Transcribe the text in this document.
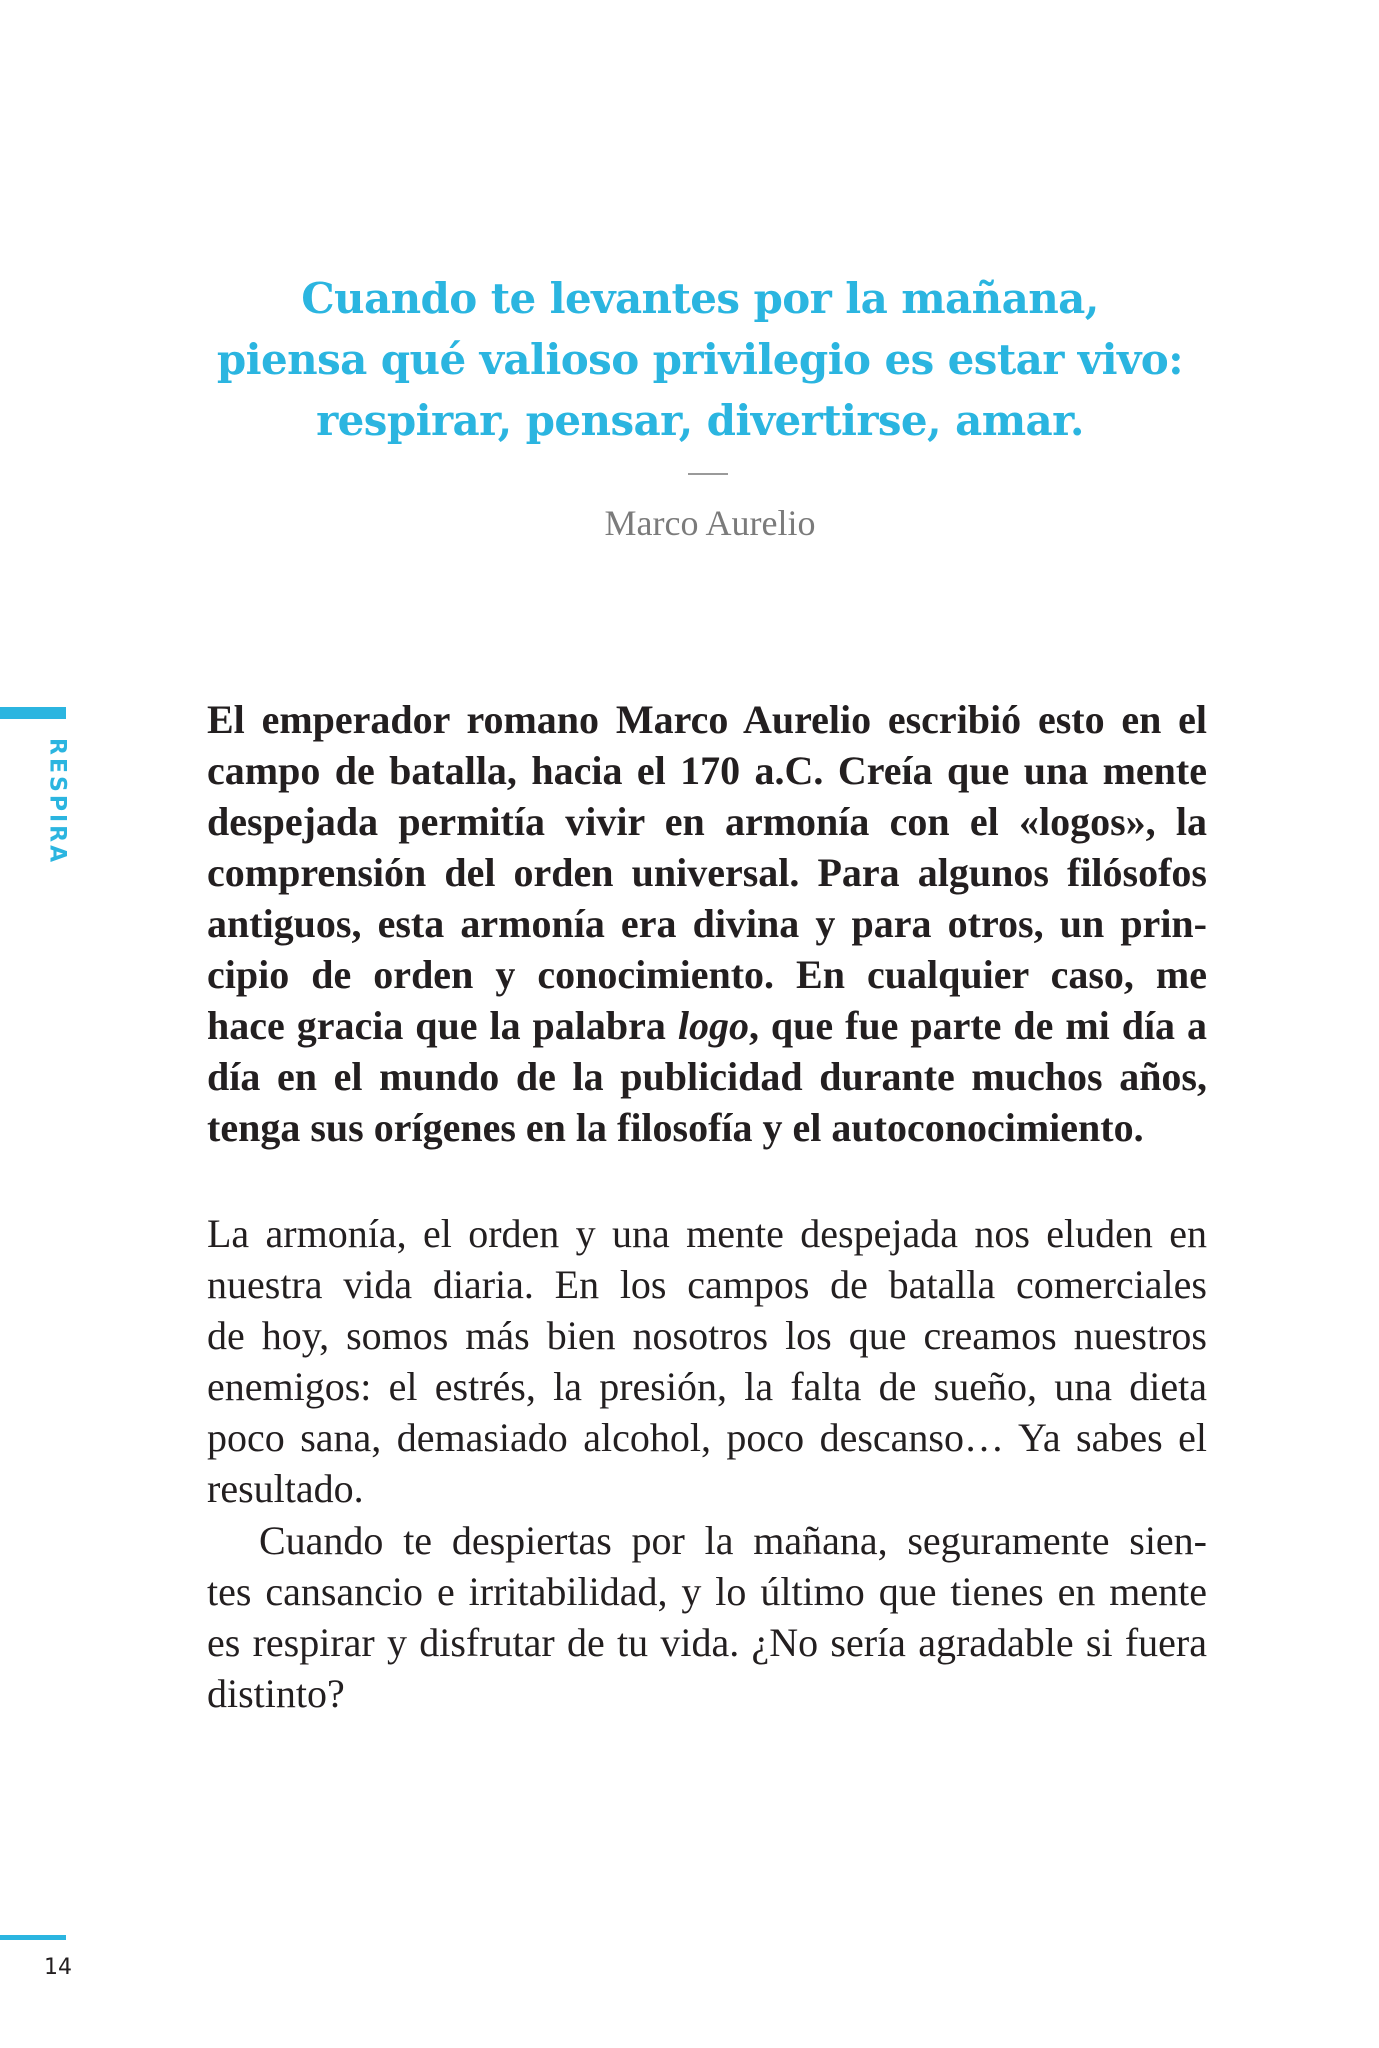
Cuando te levantes por la mañana,
piensa qué valioso privilegio es estar vivo:
respirar, pensar, divertirse, amar.
Marco Aurelio
RESPIRA
El emperador romano Marco Aurelio escribió esto en el
campo de batalla, hacia el 170 a.C. Creía que una mente
despejada permitía vivir en armonía con el «logos», la
comprensión del orden universal. Para algunos filósofos
antiguos, esta armonía era divina y para otros, un prin-
cipio de orden y conocimiento. En cualquier caso, me
hace gracia que la palabra logo, que fue parte de mi día a
día en el mundo de la publicidad durante muchos años,
tenga sus orígenes en la filosofía y el autoconocimiento.
La armonía, el orden y una mente despejada nos eluden en
nuestra vida diaria. En los campos de batalla comerciales
de hoy, somos más bien nosotros los que creamos nuestros
enemigos: el estrés, la presión, la falta de sueño, una dieta
poco sana, demasiado alcohol, poco descanso… Ya sabes el
resultado.
Cuando te despiertas por la mañana, seguramente sien-
tes cansancio e irritabilidad, y lo último que tienes en mente
es respirar y disfrutar de tu vida. ¿No sería agradable si fuera
distinto?
14
